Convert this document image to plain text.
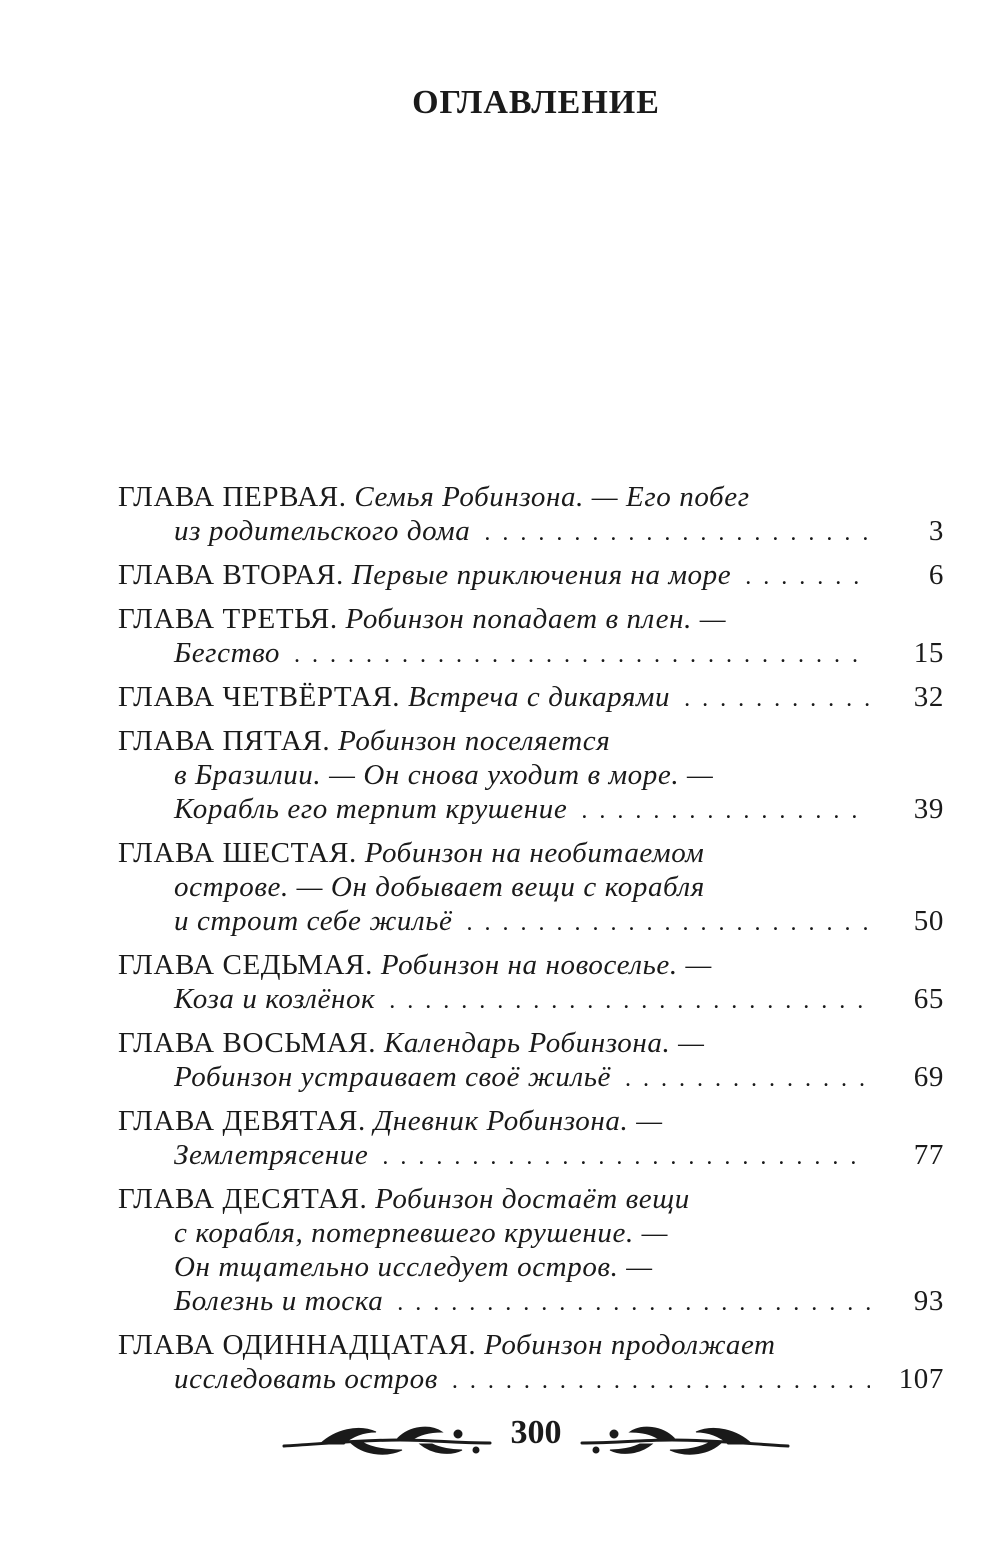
ОГЛАВЛЕНИЕ
ГЛАВА ПЕРВАЯ. Семья Робинзона. — Его побег
из родительского дома . . .	3
ГЛАВА ВТОРАЯ. Первые приключения на море . . .	6
ГЛАВА ТРЕТЬЯ. Робинзон попадает в плен. —
Бегство . . .	15
ГЛАВА ЧЕТВЁРТАЯ. Встреча с дикарями . . .	32
ГЛАВА ПЯТАЯ. Робинзон поселяется
в Бразилии. — Он снова уходит в море. —
Корабль его терпит крушение . . .	39
ГЛАВА ШЕСТАЯ. Робинзон на необитаемом
острове. — Он добывает вещи с корабля
и строит себе жильё . . .	50
ГЛАВА СЕДЬМАЯ. Робинзон на новоселье. —
Коза и козлёнок . . .	65
ГЛАВА ВОСЬМАЯ. Календарь Робинзона. —
Робинзон устраивает своё жильё . . .	69
ГЛАВА ДЕВЯТАЯ. Дневник Робинзона. —
Землетрясение . . .	77
ГЛАВА ДЕСЯТАЯ. Робинзон достаёт вещи
с корабля, потерпевшего крушение. —
Он тщательно исследует остров. —
Болезнь и тоска . . .	93
ГЛАВА ОДИННАДЦАТАЯ. Робинзон продолжает
исследовать остров . . .	107
300
